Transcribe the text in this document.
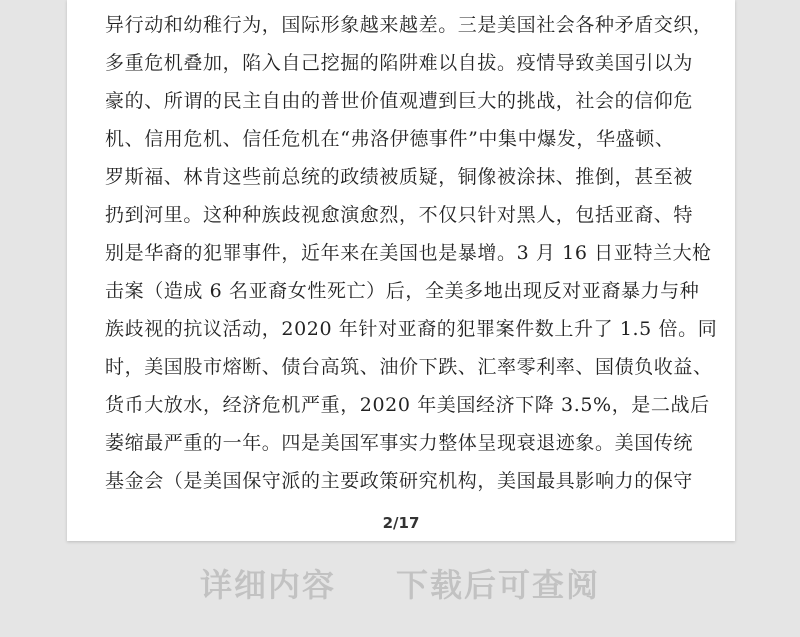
异行动和幼稚行为，国际形象越来越差。三是美国社会各种矛盾交织，
多重危机叠加，陷入自己挖掘的陷阱难以自拔。疫情导致美国引以为
豪的、所谓的民主自由的普世价值观遭到巨大的挑战，社会的信仰危
机、信用危机、信任危机在“弗洛伊德事件”中集中爆发，华盛顿、
罗斯福、林肯这些前总统的政绩被质疑，铜像被涂抹、推倒，甚至被
扔到河里。这种种族歧视愈演愈烈，不仅只针对黑人，包括亚裔、特
别是华裔的犯罪事件，近年来在美国也是暴增。3 月 16 日亚特兰大枪
击案（造成 6 名亚裔女性死亡）后，全美多地出现反对亚裔暴力与种
族歧视的抗议活动，2020 年针对亚裔的犯罪案件数上升了 1.5 倍。同
时，美国股市熔断、债台高筑、油价下跌、汇率零利率、国债负收益、
货币大放水，经济危机严重，2020 年美国经济下降 3.5%，是二战后
萎缩最严重的一年。四是美国军事实力整体呈现衰退迹象。美国传统
基金会（是美国保守派的主要政策研究机构，美国最具影响力的保守
2/17
详细内容 下载后可查阅
